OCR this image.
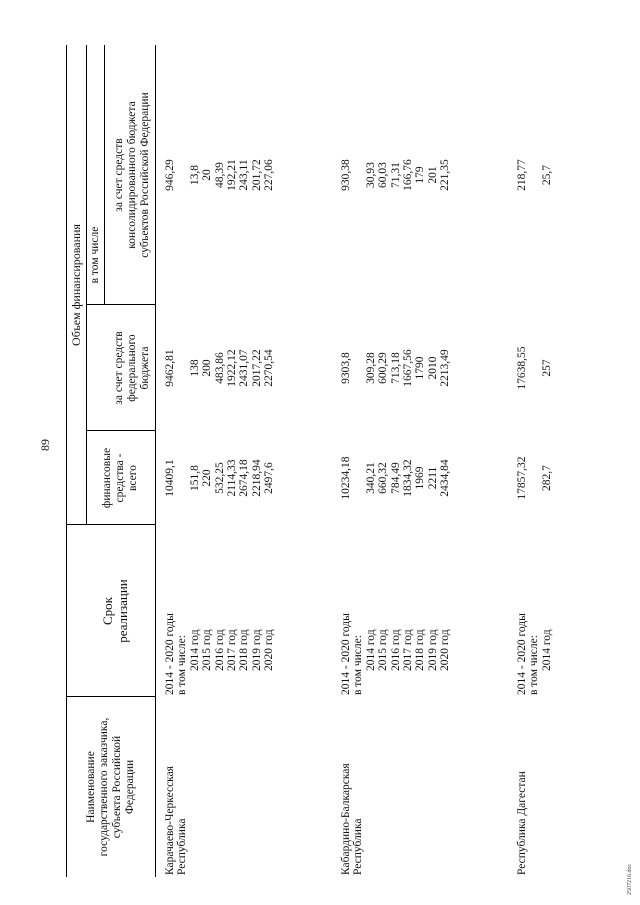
89
2507216.doc
Наименование государственного заказчика, субъекта Российской Федерации
Срок реализации
Объем финансирования
финансовые средства - всего
за счет средств федерального бюджета
в том числе
за счет средств консолидированного бюджета субъектов Российской Федерации
Карачаево-Черкесская Республика
2014 - 2020 годы в том числе: 2014 год 2015 год 2016 год 2017 год 2018 год 2019 год 2020 год
10409,1
151,8 220 532,25 2114,33 2674,18 2218,94 2497,6
9462,81
138 200 483,86 1922,12 2431,07 2017,22 2270,54
946,29
13,8 20 48,39 192,21 243,11 201,72 227,06
Кабардино-Балкарская Республика
2014 - 2020 годы в том числе: 2014 год 2015 год 2016 год 2017 год 2018 год 2019 год 2020 год
10234,18
340,21 660,32 784,49 1834,32 1969 2211 2434,84
9303,8
309,28 600,29 713,18 1667,56 1790 2010 2213,49
930,38
30,93 60,03 71,31 166,76 179 201 221,35
Республика Дагестан
2014 - 2020 годы в том числе: 2014 год
17857,32
282,7
17638,55
257
218,77
25,7
